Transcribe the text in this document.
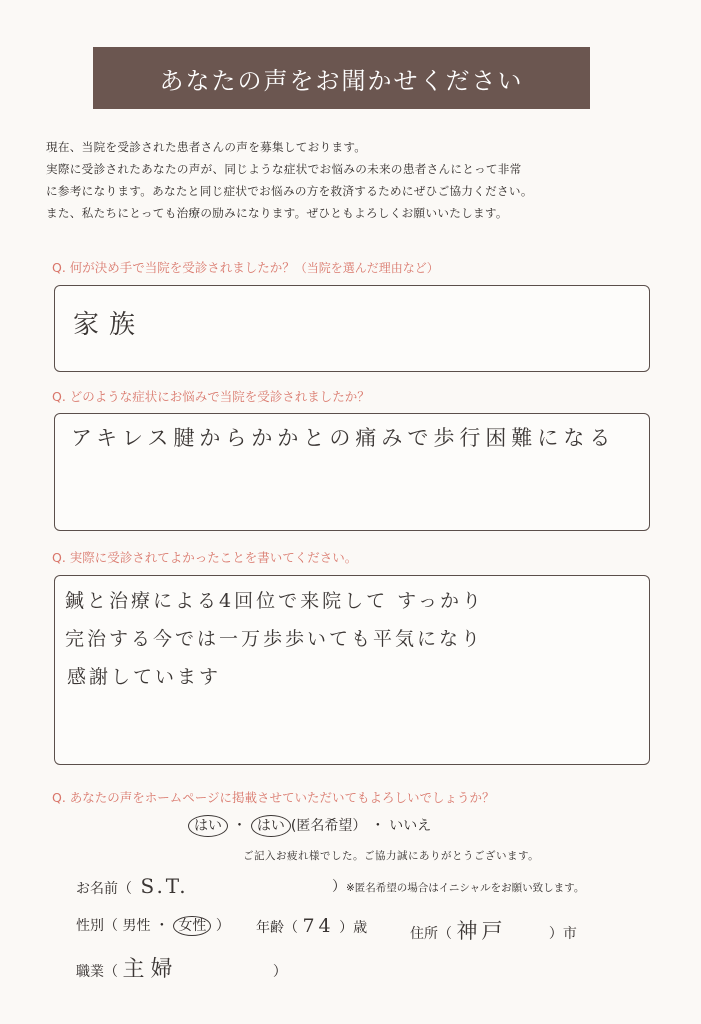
あなたの声をお聞かせください

現在、当院を受診された患者さんの声を募集しております。

実際に受診されたあなたの声が、同じような症状でお悩みの未来の患者さんにとって非常

に参考になります。あなたと同じ症状でお悩みの方を救済するためにぜひご協力ください。

また、私たちにとっても治療の励みになります。ぜひともよろしくお願いいたします。

Q. 何が決め手で当院を受診されましたか？（当院を選んだ理由など）
家族
Q. どのような症状にお悩みで当院を受診されましたか？
アキレス腱からかかとの痛みで歩行困難になる
Q. 実際に受診されてよかったことを書いてください。
鍼と治療による4回位で来院して すっかり
完治する今では一万歩歩いても平気になり
感謝しています
Q. あなたの声をホームページに掲載させていただいてもよろしいでしょうか？
はい ・ はい (匿名希望） ・ いいえ
ご記入お疲れ様でした。ご協力誠にありがとうございます。
お名前（ S.T.	）※匿名希望の場合はイニシャルをお願い致します。
性別（ 男性 ・ 女性 ） 年齢（ 74 ）歳	住所（ 神戸	）市
職業（ 主婦	）
